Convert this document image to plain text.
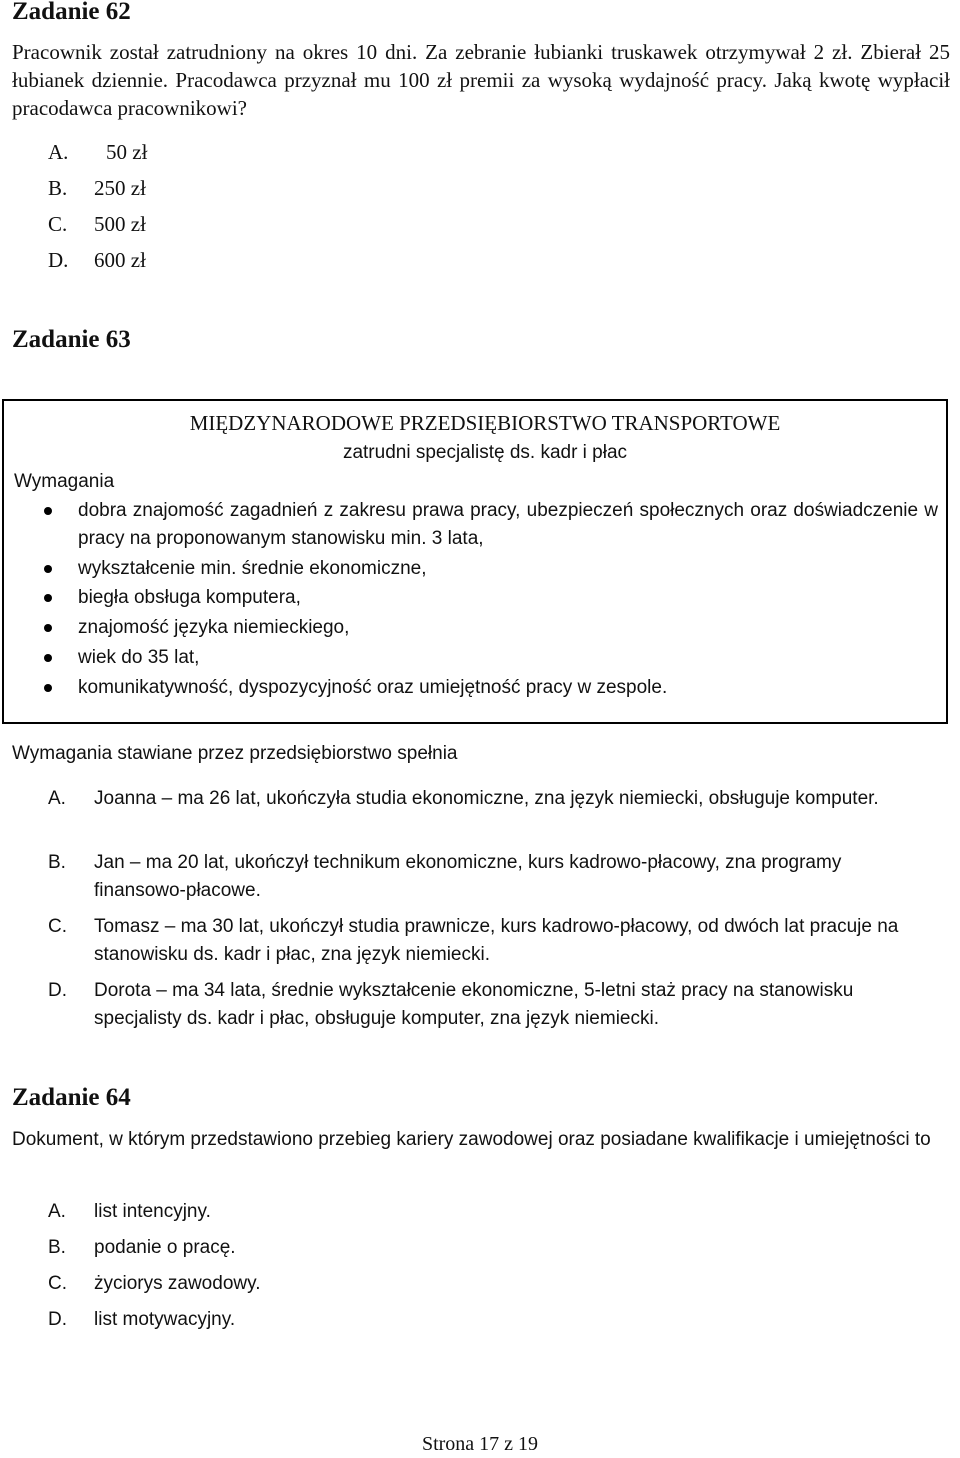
Zadanie 62

Pracownik został zatrudniony na okres 10 dni. Za zebranie łubianki truskawek otrzymywał 2 zł. Zbierał 25 łubianek dziennie. Pracodawca przyznał mu 100 zł premii za wysoką wydajność pracy. Jaką kwotę wypłacił pracodawca pracownikowi?

A.	50 zł
B.	250 zł
C.	500 zł
D.	600 zł
Zadanie 63
MIĘDZYNARODOWE PRZEDSIĘBIORSTWO TRANSPORTOWE
zatrudni specjalistę ds. kadr i płac
Wymagania
dobra znajomość zagadnień z zakresu prawa pracy, ubezpieczeń społecznych oraz doświadczenie w pracy na proponowanym stanowisku min. 3 lata,
wykształcenie min. średnie ekonomiczne,
biegła obsługa komputera,
znajomość języka niemieckiego,
wiek do 35 lat,
komunikatywność, dyspozycyjność oraz umiejętność pracy w zespole.

Wymagania stawiane przez przedsiębiorstwo spełnia

A.	Joanna – ma 26 lat, ukończyła studia ekonomiczne, zna język niemiecki, obsługuje komputer.
B.	Jan – ma 20 lat, ukończył technikum ekonomiczne, kurs kadrowo-płacowy, zna programy finansowo-płacowe.
C.	Tomasz – ma 30 lat, ukończył studia prawnicze, kurs kadrowo-płacowy, od dwóch lat pracuje na stanowisku ds. kadr i płac, zna język niemiecki.
D.	Dorota – ma 34 lata, średnie wykształcenie ekonomiczne, 5-letni staż pracy na stanowisku specjalisty ds. kadr i płac, obsługuje komputer, zna język niemiecki.
Zadanie 64

Dokument, w którym przedstawiono przebieg kariery zawodowej oraz posiadane kwalifikacje i umiejętności to

A.	list intencyjny.
B.	podanie o pracę.
C.	życiorys zawodowy.
D.	list motywacyjny.
Strona 17 z 19
